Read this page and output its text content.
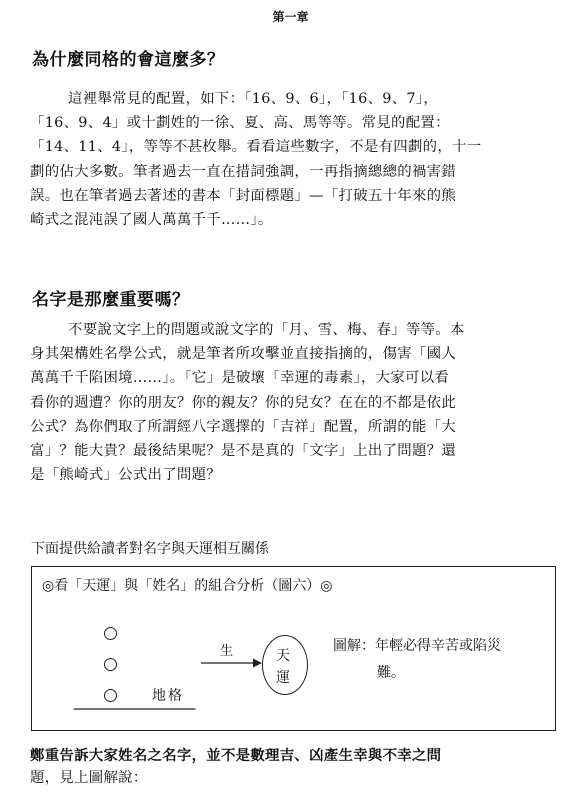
第一章
為什麼同格的會這麼多？
這裡舉常見的配置，如下：「16、9、6」，「16、9、7」，
「16、9、4」或十劃姓的一徐、夏、高、馬等等。常見的配置：
「14、11、4」，等等不甚枚舉。看看這些數字，不是有四劃的，十一
劃的佔大多數。筆者過去一直在措詞強調，一再指摘總總的禍害錯
誤。也在筆者過去著述的書本「封面標題」—「打破五十年來的熊
崎式之混沌誤了國人萬萬千千……」。
名字是那麼重要嗎？
不要說文字上的問題或說文字的「月、雪、梅、春」等等。本
身其架構姓名學公式，就是筆者所攻擊並直接指摘的，傷害「國人
萬萬千千陷困境……」。「它」是破壞「幸運的毒素」，大家可以看
看你的週遭？你的朋友？你的親友？你的兒女？在在的不都是依此
公式？為你們取了所謂經八字選擇的「吉祥」配置，所謂的能「大
富」？能大貴？最後結果呢？是不是真的「文字」上出了問題？還
是「熊崎式」公式出了問題？
下面提供給讀者對名字與天運相互關係
◎看「天運」與「姓名」的組合分析（圖六）◎
地格
生	天
運
圖解：年輕必得辛苦或陷災
難。
鄭重告訴大家姓名之名字，並不是數理吉、凶產生幸與不幸之問
題，見上圖解說：
